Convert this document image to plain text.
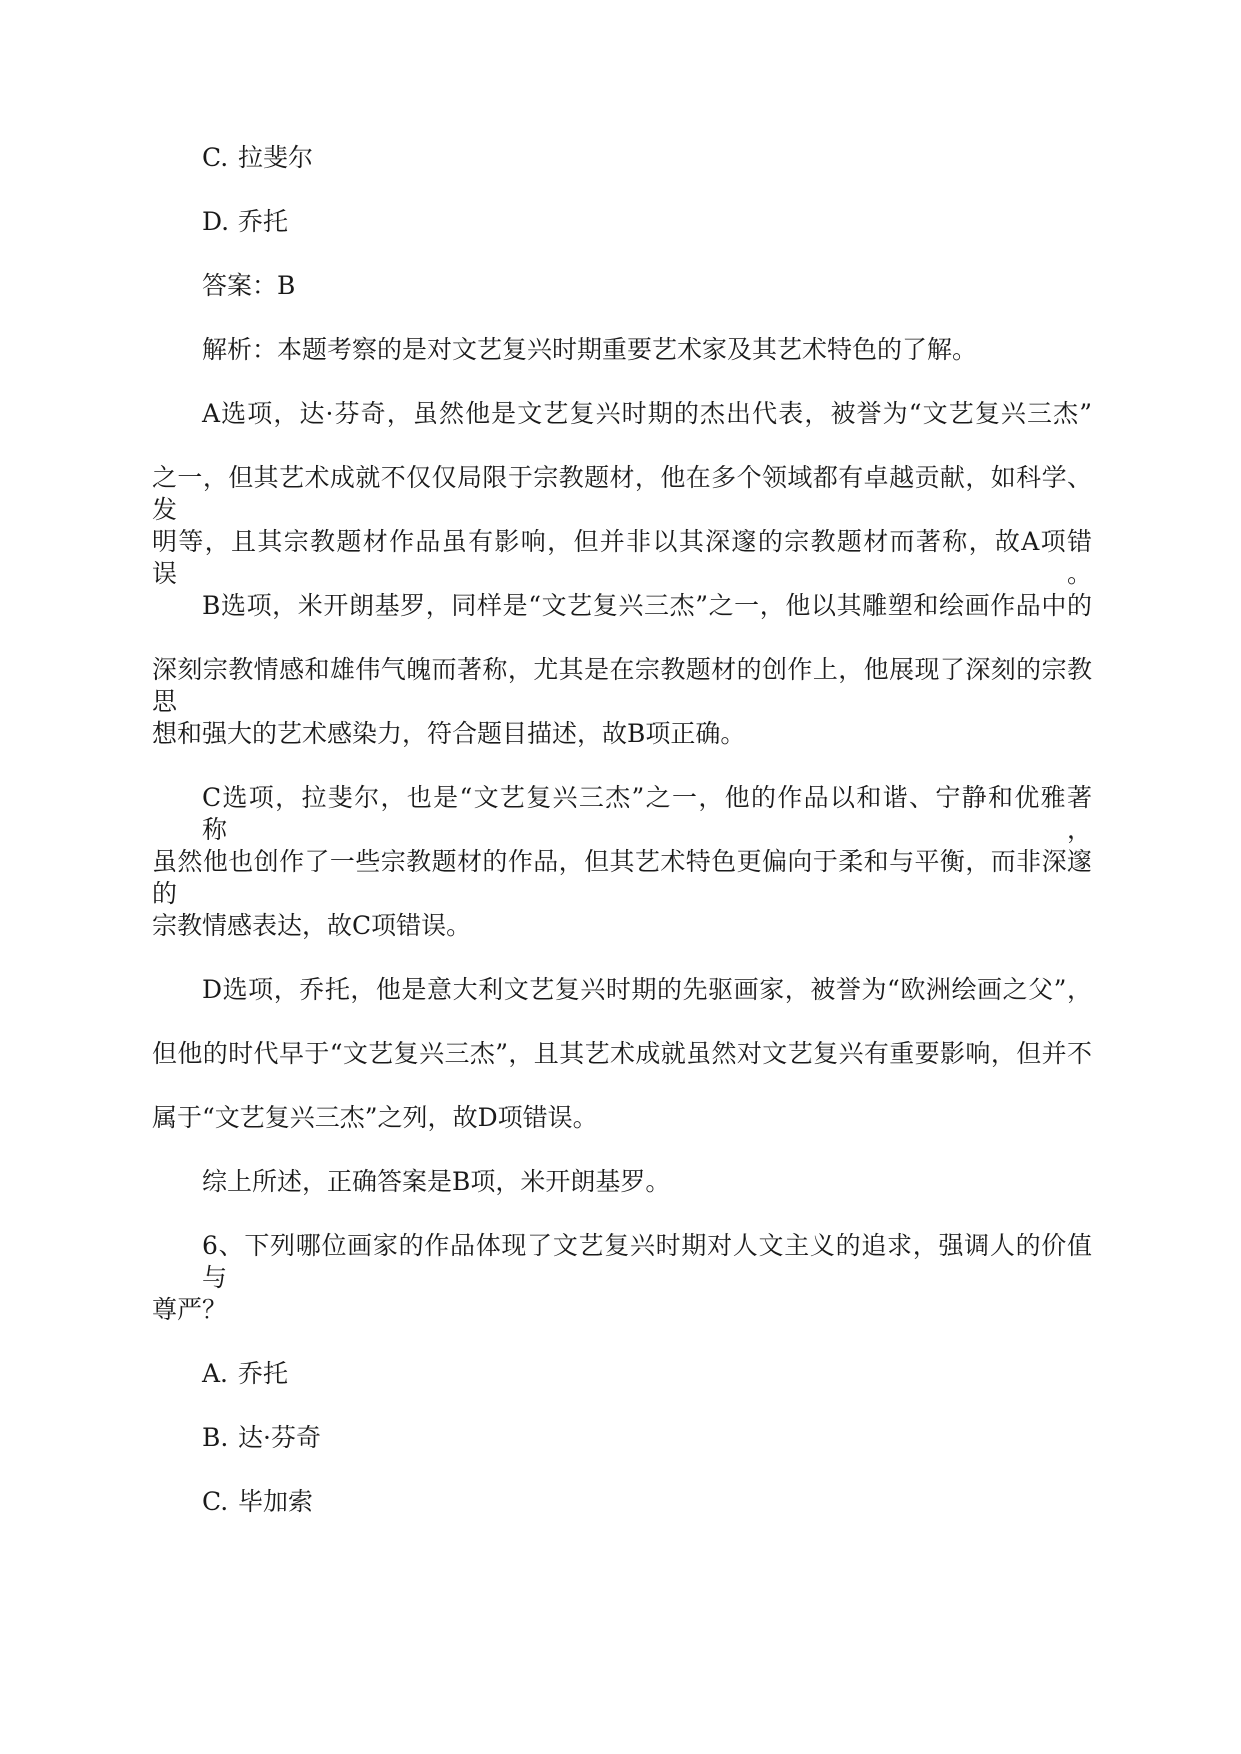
C. 拉斐尔
D. 乔托
答案：B
解析：本题考察的是对文艺复兴时期重要艺术家及其艺术特色的了解。
A选项，达·芬奇，虽然他是文艺复兴时期的杰出代表，被誉为“文艺复兴三杰”
之一，但其艺术成就不仅仅局限于宗教题材，他在多个领域都有卓越贡献，如科学、发
明等，且其宗教题材作品虽有影响，但并非以其深邃的宗教题材而著称，故A项错误。
B选项，米开朗基罗，同样是“文艺复兴三杰”之一，他以其雕塑和绘画作品中的
深刻宗教情感和雄伟气魄而著称，尤其是在宗教题材的创作上，他展现了深刻的宗教思
想和强大的艺术感染力，符合题目描述，故B项正确。
C选项，拉斐尔，也是“文艺复兴三杰”之一，他的作品以和谐、宁静和优雅著称，
虽然他也创作了一些宗教题材的作品，但其艺术特色更偏向于柔和与平衡，而非深邃的
宗教情感表达，故C项错误。
D选项，乔托，他是意大利文艺复兴时期的先驱画家，被誉为“欧洲绘画之父”，
但他的时代早于“文艺复兴三杰”，且其艺术成就虽然对文艺复兴有重要影响，但并不
属于“文艺复兴三杰”之列，故D项错误。
综上所述，正确答案是B项，米开朗基罗。
6、下列哪位画家的作品体现了文艺复兴时期对人文主义的追求，强调人的价值与
尊严？
A. 乔托
B. 达·芬奇
C. 毕加索
